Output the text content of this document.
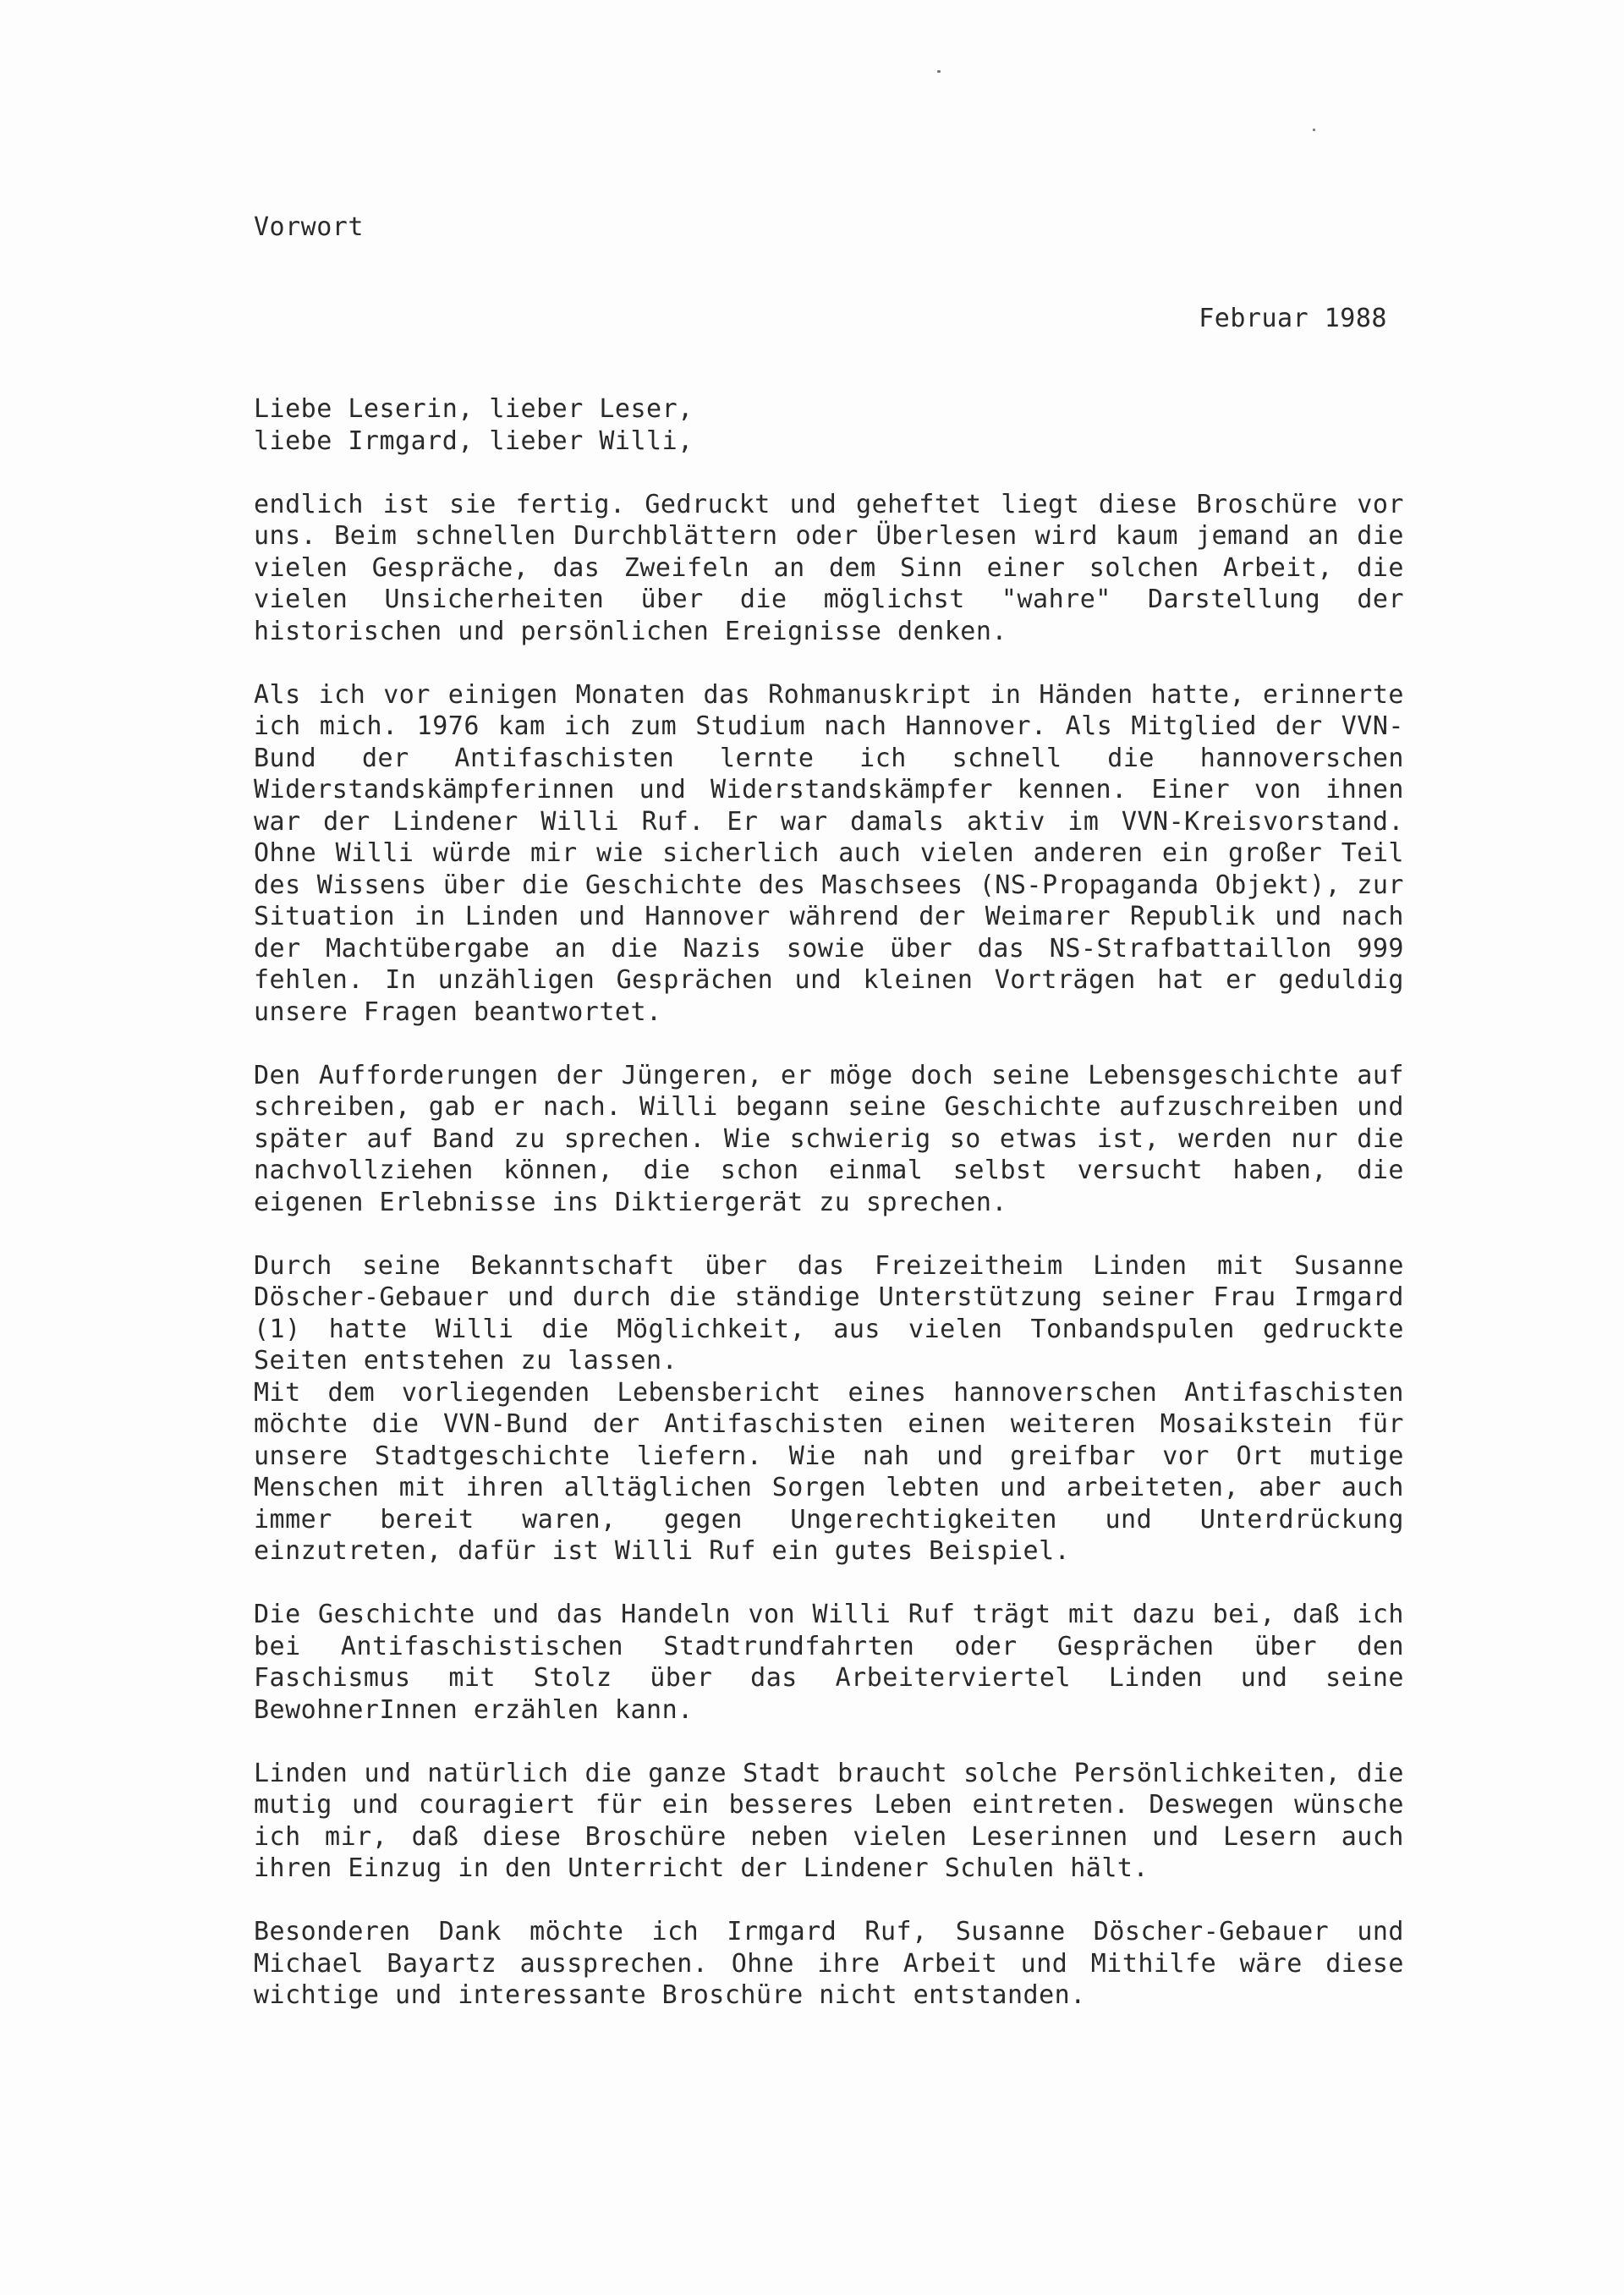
Vorwort
Februar 1988
Liebe Leserin, lieber Leser,
liebe Irmgard, lieber Willi,

endlich ist sie fertig. Gedruckt und geheftet liegt diese Broschüre vor uns. Beim schnellen Durchblättern oder Überlesen wird kaum jemand an die vielen Gespräche, das Zweifeln an dem Sinn einer solchen Arbeit, die vielen Unsicherheiten über die möglichst "wahre" Darstellung der historischen und persönlichen Ereignisse denken.

Als ich vor einigen Monaten das Rohmanuskript in Händen hatte, erinnerte ich mich. 1976 kam ich zum Studium nach Hannover. Als Mitglied der VVN-Bund der Antifaschisten lernte ich schnell die hannoverschen Widerstandskämpferinnen und Widerstandskämpfer kennen. Einer von ihnen war der Lindener Willi Ruf. Er war damals aktiv im VVN-Kreisvorstand. Ohne Willi würde mir wie sicherlich auch vielen anderen ein großer Teil des Wissens über die Geschichte des Maschsees (NS-Propaganda Objekt), zur Situation in Linden und Hannover während der Weimarer Republik und nach der Machtübergabe an die Nazis sowie über das NS-Strafbattaillon 999 fehlen. In unzähligen Gesprächen und kleinen Vorträgen hat er geduldig unsere Fragen beantwortet.

Den Aufforderungen der Jüngeren, er möge doch seine Lebensgeschichte auf schreiben, gab er nach. Willi begann seine Geschichte aufzuschreiben und später auf Band zu sprechen. Wie schwierig so etwas ist, werden nur die nachvollziehen können, die schon einmal selbst versucht haben, die eigenen Erlebnisse ins Diktiergerät zu sprechen.

Durch seine Bekanntschaft über das Freizeitheim Linden mit Susanne Döscher-Gebauer und durch die ständige Unterstützung seiner Frau Irmgard (1) hatte Willi die Möglichkeit, aus vielen Tonbandspulen gedruckte Seiten entstehen zu lassen.

Mit dem vorliegenden Lebensbericht eines hannoverschen Antifaschisten möchte die VVN-Bund der Antifaschisten einen weiteren Mosaikstein für unsere Stadtgeschichte liefern. Wie nah und greifbar vor Ort mutige Menschen mit ihren alltäglichen Sorgen lebten und arbeiteten, aber auch immer bereit waren, gegen Ungerechtigkeiten und Unterdrückung einzutreten, dafür ist Willi Ruf ein gutes Beispiel.

Die Geschichte und das Handeln von Willi Ruf trägt mit dazu bei, daß ich bei Antifaschistischen Stadtrundfahrten oder Gesprächen über den Faschismus mit Stolz über das Arbeiterviertel Linden und seine BewohnerInnen erzählen kann.

Linden und natürlich die ganze Stadt braucht solche Persönlichkeiten, die mutig und couragiert für ein besseres Leben eintreten. Deswegen wünsche ich mir, daß diese Broschüre neben vielen Leserinnen und Lesern auch ihren Einzug in den Unterricht der Lindener Schulen hält.

Besonderen Dank möchte ich Irmgard Ruf, Susanne Döscher-Gebauer und Michael Bayartz aussprechen. Ohne ihre Arbeit und Mithilfe wäre diese wichtige und interessante Broschüre nicht entstanden.
